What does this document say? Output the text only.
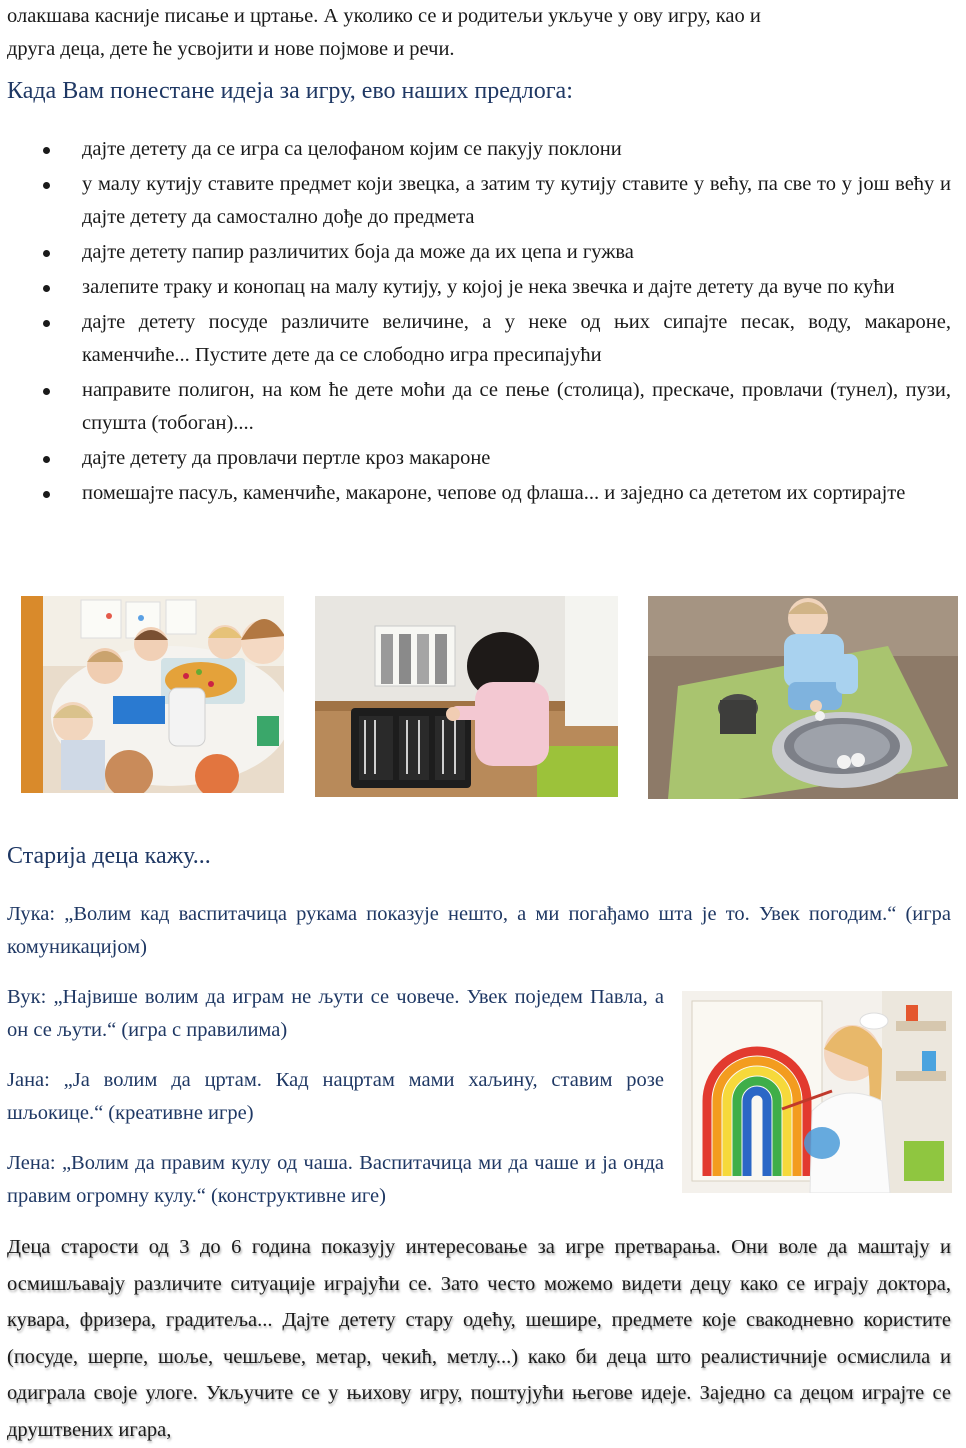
олакшава касније писање и цртање. А уколико се и родитељи укључе у ову игру, као и
друга деца, дете ће усвојити и нове појмове и речи.

Када Вам понестане идеја за игру, ево наших предлога:
дајте детету да се игра са целофаном којим се пакују поклони
у малу кутију ставите предмет који звецка, а затим ту кутију ставите у већу, па све то у још већу и дајте детету да самостално дође до предмета
дајте детету папир различитих боја да може да их цепа и гужва
залепите траку и конопац на малу кутију, у којој је нека звечка и дајте детету да вуче по кући
дајте детету посуде различите величине, а у неке од њих сипајте песак, воду, макароне, каменчиће... Пустите дете да се слободно игра пресипајући
направите полигон, на ком ће дете моћи да се пење (столица), прескаче, провлачи (тунел), пузи, спушта (тобоган)....
дајте детету да провлачи пертле кроз макароне
помешајте пасуљ, каменчиће, макароне, чепове од флаша... и заједно са дететом их сортирајте
Старија деца кажу...

Лука: „Волим кад васпитачица рукама показује нешто, а ми погађамо шта је то. Увек погодим.“ (игра комуникацијом)

Вук: „Највише волим да играм не љути се човече. Увек поједем Павла, а он се љути.“ (игра с правилима)

Јана: „Ја волим да цртам. Кад нацртам мами хаљину, ставим розе шљокице.“ (креативне игре)

Лена: „Волим да правим кулу од чаша. Васпитачица ми да чаше и ја онда правим огромну кулу.“ (конструктивне иге)

Деца старости од 3 до 6 година показују интересовање за игре претварања. Они воле да маштају и осмишљавају различите ситуације играјући се. Зато често можемо видети децу како се играју доктора, кувара, фризера, градитеља... Дајте детету стару одећу, шешире, предмете које свакодневно користите (посуде, шерпе, шоље, чешљеве, метар, чекић, метлу...) како би деца што реалистичније осмислила и одиграла своје улоге. Укључите се у њихову игру, поштујући његове идеје. Заједно са децом играјте се друштвених игара,
